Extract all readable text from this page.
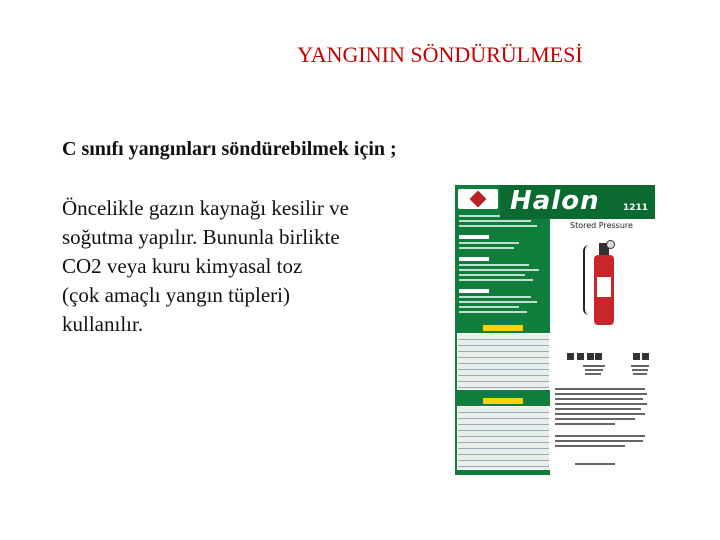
YANGININ SÖNDÜRÜLMESİ
C sınıfı yangınları söndürebilmek için ;
Öncelikle gazın kaynağı kesilir ve
soğutma yapılır. Bununla birlikte
CO2 veya kuru kimyasal toz
(çok amaçlı yangın tüpleri)
kullanılır.
Halon	1211
Stored Pressure
